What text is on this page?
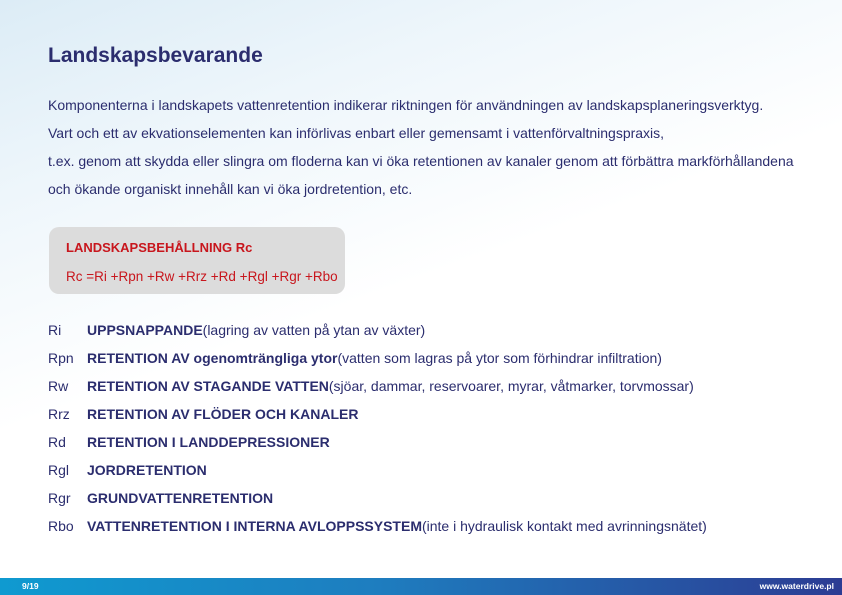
Landskapsbevarande

Komponenterna i landskapets vattenretention indikerar riktningen för användningen av landskapsplaneringsverktyg.

Vart och ett av ekvationselementen kan införlivas enbart eller gemensamt i vattenförvaltningspraxis,

t.ex. genom att skydda eller slingra om floderna kan vi öka retentionen av kanaler genom att förbättra markförhållandena

och ökande organiskt innehåll kan vi öka jordretention, etc.

LANDSKAPSBEHÅLLNING Rc
Rc =Ri +Rpn +Rw +Rrz +Rd +Rgl +Rgr +Rbo
Ri	UPPSNAPPANDE (lagring av vatten på ytan av växter)
Rpn RETENTION AV ogenomträngliga ytor (vatten som lagras på ytor som förhindrar infiltration)
Rw	RETENTION AV STAGANDE VATTEN (sjöar, dammar, reservoarer, myrar, våtmarker, torvmossar)
Rrz	RETENTION AV FLÖDER OCH KANALER
Rd	RETENTION I LANDDEPRESSIONER
Rgl	JORDRETENTION
Rgr	GRUNDVATTENRETENTION
Rbo VATTENRETENTION I INTERNA AVLOPPSSYSTEM (inte i hydraulisk kontakt med avrinningsnätet)
9/19	www.waterdrive.pl
